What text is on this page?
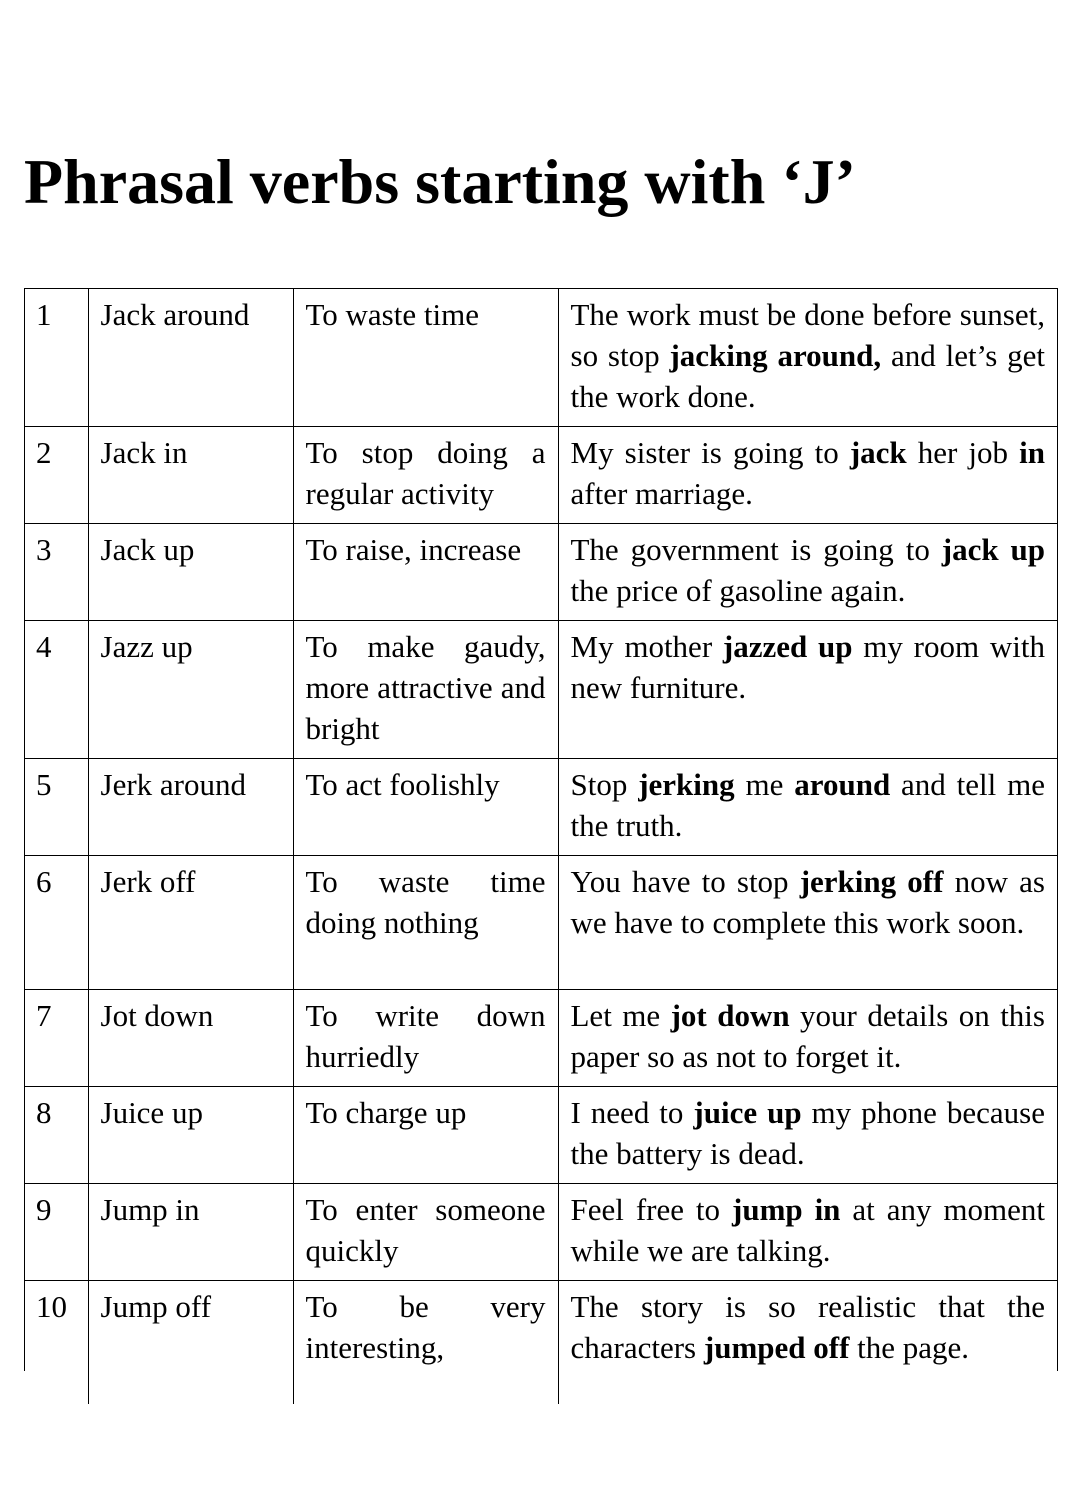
Phrasal verbs starting with ‘J’
1	Jack around	To waste time	The work must be done before sunset, so stop jacking around, and let’s get the work done.
2	Jack in	To stop doing a regular activity	My sister is going to jack her job in after marriage.
3	Jack up	To raise, increase	The government is going to jack up the price of gasoline again.
4	Jazz up	To make gaudy, more attractive and bright	My mother jazzed up my room with new furniture.
5	Jerk around	To act foolishly	Stop jerking me around and tell me the truth.
6	Jerk off	To waste time doing nothing	You have to stop jerking off now as we have to complete this work soon.
7	Jot down	To write down hurriedly	Let me jot down your details on this paper so as not to forget it.
8	Juice up	To charge up	I need to juice up my phone because the battery is dead.
9	Jump in	To enter someone quickly	Feel free to jump in at any moment while we are talking.
10	Jump off	To be very interesting,	The story is so realistic that the characters jumped off the page.
